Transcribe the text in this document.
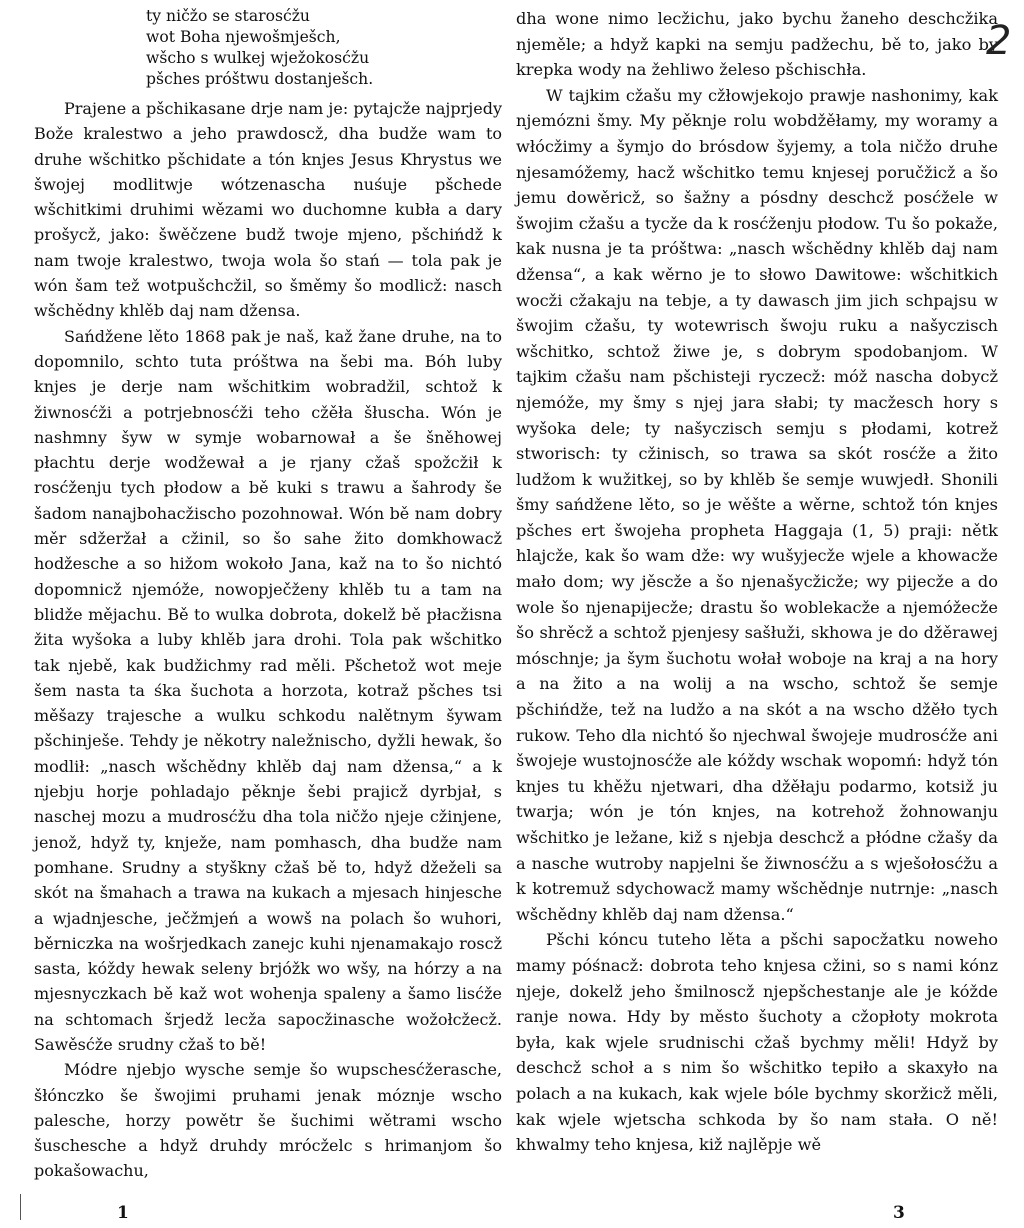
ty ničžo se starosćžu
wot Boha njewošmješch,
wšcho s wulkej wježokosćžu
pšches próštwu dostanješch.

Prajene a pšchikasane drje nam je: pytajcže najprjedy Bože kralestwo a jeho prawdoscž, dha budže wam to druhe wšchitko pšchidate a tón knjes Jesus Khrystus we šwojej modlitwje wótzenascha nuśuje pšchede wšchitkimi druhimi wězami wo duchomne kubła a dary prošycž, jako: šwěčzene budž twoje mjeno, pšchińdž k nam twoje kralestwo, twoja wola šo stań — tola pak je wón šam tež wotpušchcžil, so šměmy šo modlicž: nasch wšchědny khlěb daj nam džensa.

Sańdžene lěto 1868 pak je naš, kaž žane druhe, na to dopomnilo, schto tuta próštwa na šebi ma. Bóh luby knjes je derje nam wšchitkim wobradžil, schtož k žiwnosćži a potrjebnosćži teho cžěła šłuscha. Wón je nashmny šyw w symje wobarnował a še šněhowej płachtu derje wodžewał a je rjany cžaš spožcžił k rosćženju tych płodow a bě kuki s trawu a šahrody še šadom nanajbohacžischo pozohnował. Wón bě nam dobry měr sdžeržał a cžinil, so šo sahe žito domkhowacž hodžesche a so hižom wokoło Jana, kaž na to šo nichtó dopomnicž njemóže, nowopječženy khlěb tu a tam na blidže mějachu. Bě to wulka dobrota, dokelž bě płacžisna žita wyšoka a luby khlěb jara drohi. Tola pak wšchitko tak njebě, kak budžichmy rad měli. Pšchetož wot meje šem nasta ta śka šuchota a horzota, kotraž pšches tsi měšazy trajesche a wulku schkodu nalětnym šywam pšchinješe. Tehdy je někotry naležnischo, dyžli hewak, šo modlił: „nasch wšchědny khlěb daj nam džensa,“ a k njebju horje pohladajo pěknje šebi prajicž dyrbjał, s naschej mozu a mudrosćžu dha tola ničžo njeje cžinjene, jenož, hdyž ty, knježe, nam pomhasch, dha budže nam pomhane. Srudny a styškny cžaš bě to, hdyž džeželi sa skót na šmahach a trawa na kukach a mjesach hinjesche a wjadnjesche, ječžmjeń a wowš na polach šo wuhori, běrniczka na wošrjedkach zanejc kuhi njenamakajo roscž sasta, kóždy hewak seleny brjóžk wo wšy, na hórzy a na mjesnyczkach bě kaž wot wohenja spaleny a šamo lisćže na schtomach šrjedž lecža sapocžinasche wožołcžecž. Sawěsćže srudny cžaš to bě!

Módre njebjo wysche semje šo wupschesćžerasche, šłónczko še šwojimi pruhami jenak móznje wscho palesche, horzy powětr še šuchimi wětrami wscho šuschesche a hdyž druhdy mrócželc s hrimanjom šo pokašowachu,

dha wone nimo lecžichu, jako bychu žaneho deschcžika njeměle; a hdyž kapki na semju padžechu, bě to, jako by krepka wody na žehliwo želeso pšchischła.

W tajkim cžašu my cžłowjekojo prawje nashonimy, kak njemózni šmy. My pěknje rolu wobdžěłamy, my woramy a włócžimy a šymjo do brósdow šyjemy, a tola ničžo druhe njesamóžemy, hacž wšchitko temu knjesej poručžicž a šo jemu dowěricž, so šažny a pósdny deschcž posćžele w šwojim cžašu a tycže da k rosćženju płodow. Tu šo pokaže, kak nusna je ta próštwa: „nasch wšchědny khlěb daj nam džensa“, a kak wěrno je to słowo Dawitowe: wšchitkich wocži cžakaju na tebje, a ty dawasch jim jich schpajsu w šwojim cžašu, ty wotewrisch šwoju ruku a našyczisch wšchitko, schtož žiwe je, s dobrym spodobanjom. W tajkim cžašu nam pšchisteji ryczecž: móž nascha dobycž njemóže, my šmy s njej jara słabi; ty macžesch hory s wyšoka dele; ty našyczisch semju s płodami, kotrež stworisch: ty cžinisch, so trawa sa skót rosćže a žito ludžom k wužitkej, so by khlěb še semje wuwjedł. Shonili šmy sańdžene lěto, so je wěšte a wěrne, schtož tón knjes pšches ert šwojeha propheta Haggaja (1, 5) praji: nětk hlajcže, kak šo wam dže: wy wušyjecže wjele a khowacže mało dom; wy jěscže a šo njenašycžicže; wy pijecže a do wole šo njenapijecže; drastu šo woblekacže a njemóžecže šo shrěcž a schtož pjenjesy sašłuži, skhowa je do džěrawej móschnje; ja šym šuchotu wołał woboje na kraj a na hory a na žito a na wolij a na wscho, schtož še semje pšchińdže, tež na ludžo a na skót a na wscho džěło tych rukow. Teho dla nichtó šo njechwal šwojeje mudrosćže ani šwojeje wustojnosćže ale kóždy wschak wopomń: hdyž tón knjes tu khěžu njetwari, dha džěłaju podarmo, kotsiž ju twarja; wón je tón knjes, na kotrehož žohnowanju wšchitko je ležane, kiž s njebja deschcž a płódne cžašy da a nasche wutroby napjelni še žiwnosćžu a s wješołosćžu a k kotremuž sdychowacž mamy wšchědnje nutrnje: „nasch wšchědny khlěb daj nam džensa.“

Pšchi kóncu tuteho lěta a pšchi sapocžatku noweho mamy póśnacž: dobrota teho knjesa cžini, so s nami kónz njeje, dokelž jeho šmilnoscž njepšchestanje ale je kóžde ranje nowa. Hdy by město šuchoty a cžopłoty mokrota była, kak wjele srudnischi cžaš bychmy měli! Hdyž by deschcž schoł a s nim šo wšchitko tepiło a skaxyło na polach a na kukach, kak wjele bóle bychmy skoržicž měli, kak wjele wjetscha schkoda by šo nam stała. O ně! khwalmy teho knjesa, kiž najlěpje wě

2
1	3
